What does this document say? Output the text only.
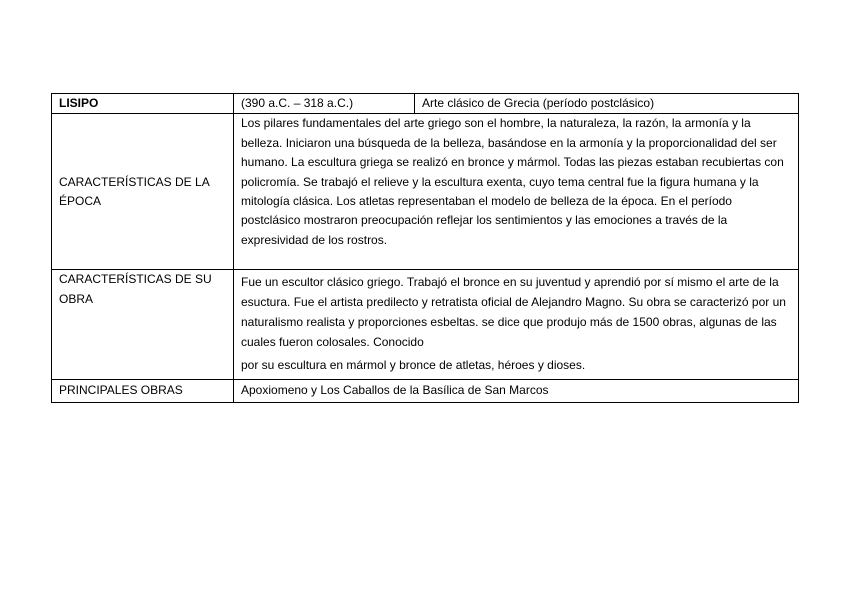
LISIPO	(390 a.C. – 318 a.C.)	Arte clásico de Grecia (período postclásico)
CARACTERÍSTICAS DE LA ÉPOCA	Los pilares fundamentales del arte griego son el hombre, la naturaleza, la razón, la armonía y la belleza. Iniciaron una búsqueda de la belleza, basándose en la armonía y la proporcionalidad del ser humano. La escultura griega se realizó en bronce y mármol. Todas las piezas estaban recubiertas con policromía. Se trabajó el relieve y la escultura exenta, cuyo tema central fue la figura humana y la mitología clásica. Los atletas representaban el modelo de belleza de la época. En el período postclásico mostraron preocupación reflejar los sentimientos y las emociones a través de la expresividad de los rostros.	

CARACTERÍSTICAS DE SU OBRA	Fue un escultor clásico griego. Trabajó el bronce en su juventud y aprendió por sí mismo el arte de la esuctura. Fue el artista predilecto y retratista oficial de Alejandro Magno. Su obra se caracterizó por un naturalismo realista y proporciones esbeltas. se dice que produjo más de 1500 obras, algunas de las cuales fueron colosales. Conocido
por su escultura en mármol y bronce de atletas, héroes y dioses.	

PRINCIPALES OBRAS	Apoxiomeno y Los Caballos de la Basílica de San Marcos	
